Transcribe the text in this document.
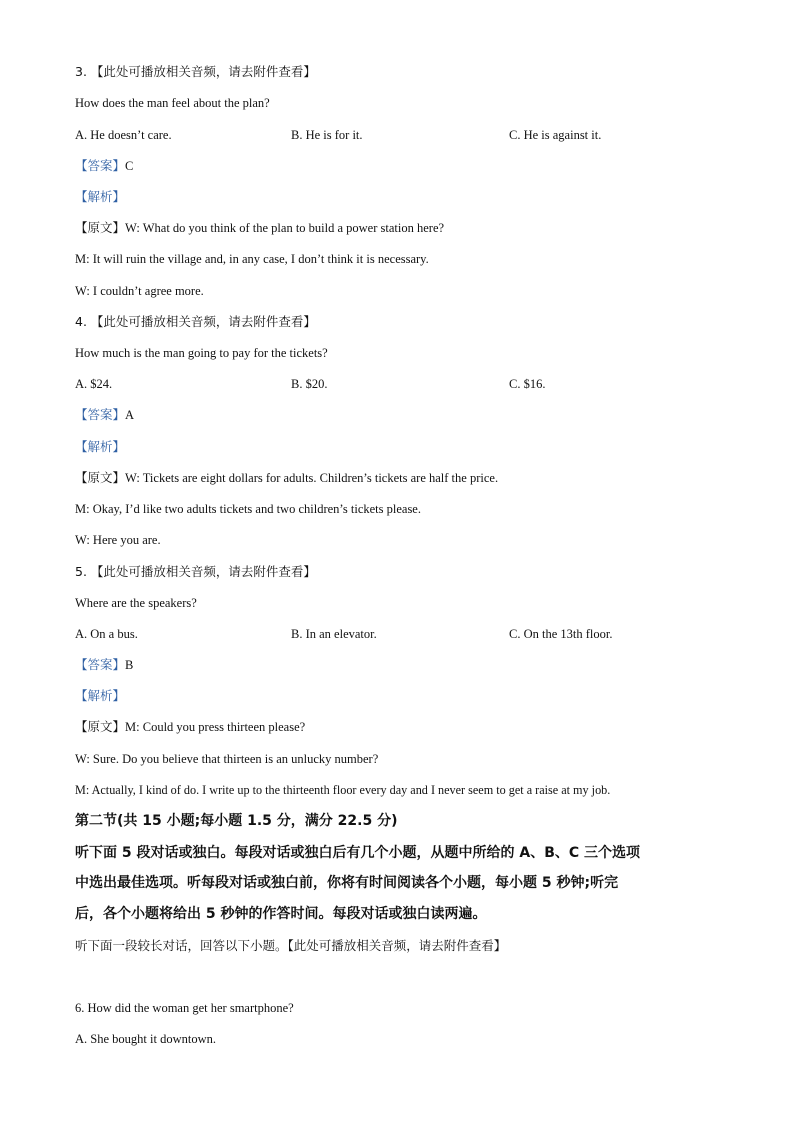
3. 【此处可播放相关音频，请去附件查看】
How does the man feel about the plan?
A. He doesn’t care.	B. He is for it.	C. He is against it.
【答案】C
【解析】
【原文】W: What do you think of the plan to build a power station here?
M: It will ruin the village and, in any case, I don’t think it is necessary.
W: I couldn’t agree more.
4. 【此处可播放相关音频，请去附件查看】
How much is the man going to pay for the tickets?
A. $24.	B. $20.	C. $16.
【答案】A
【解析】
【原文】W: Tickets are eight dollars for adults. Children’s tickets are half the price.
M: Okay, I’d like two adults tickets and two children’s tickets please.
W: Here you are.
5. 【此处可播放相关音频，请去附件查看】
Where are the speakers?
A. On a bus.	B. In an elevator.	C. On the 13th floor.
【答案】B
【解析】
【原文】M: Could you press thirteen please?
W: Sure. Do you believe that thirteen is an unlucky number?
M: Actually, I kind of do. I write up to the thirteenth floor every day and I never seem to get a raise at my job.
第二节(共 15 小题;每小题 1.5 分，满分 22.5 分)
听下面 5 段对话或独白。每段对话或独白后有几个小题，从题中所给的 A、B、C 三个选项
中选出最佳选项。听每段对话或独白前，你将有时间阅读各个小题，每小题 5 秒钟;听完
后，各个小题将给出 5 秒钟的作答时间。每段对话或独白读两遍。
听下面一段较长对话，回答以下小题。【此处可播放相关音频，请去附件查看】
6. How did the woman get her smartphone?
A. She bought it downtown.
